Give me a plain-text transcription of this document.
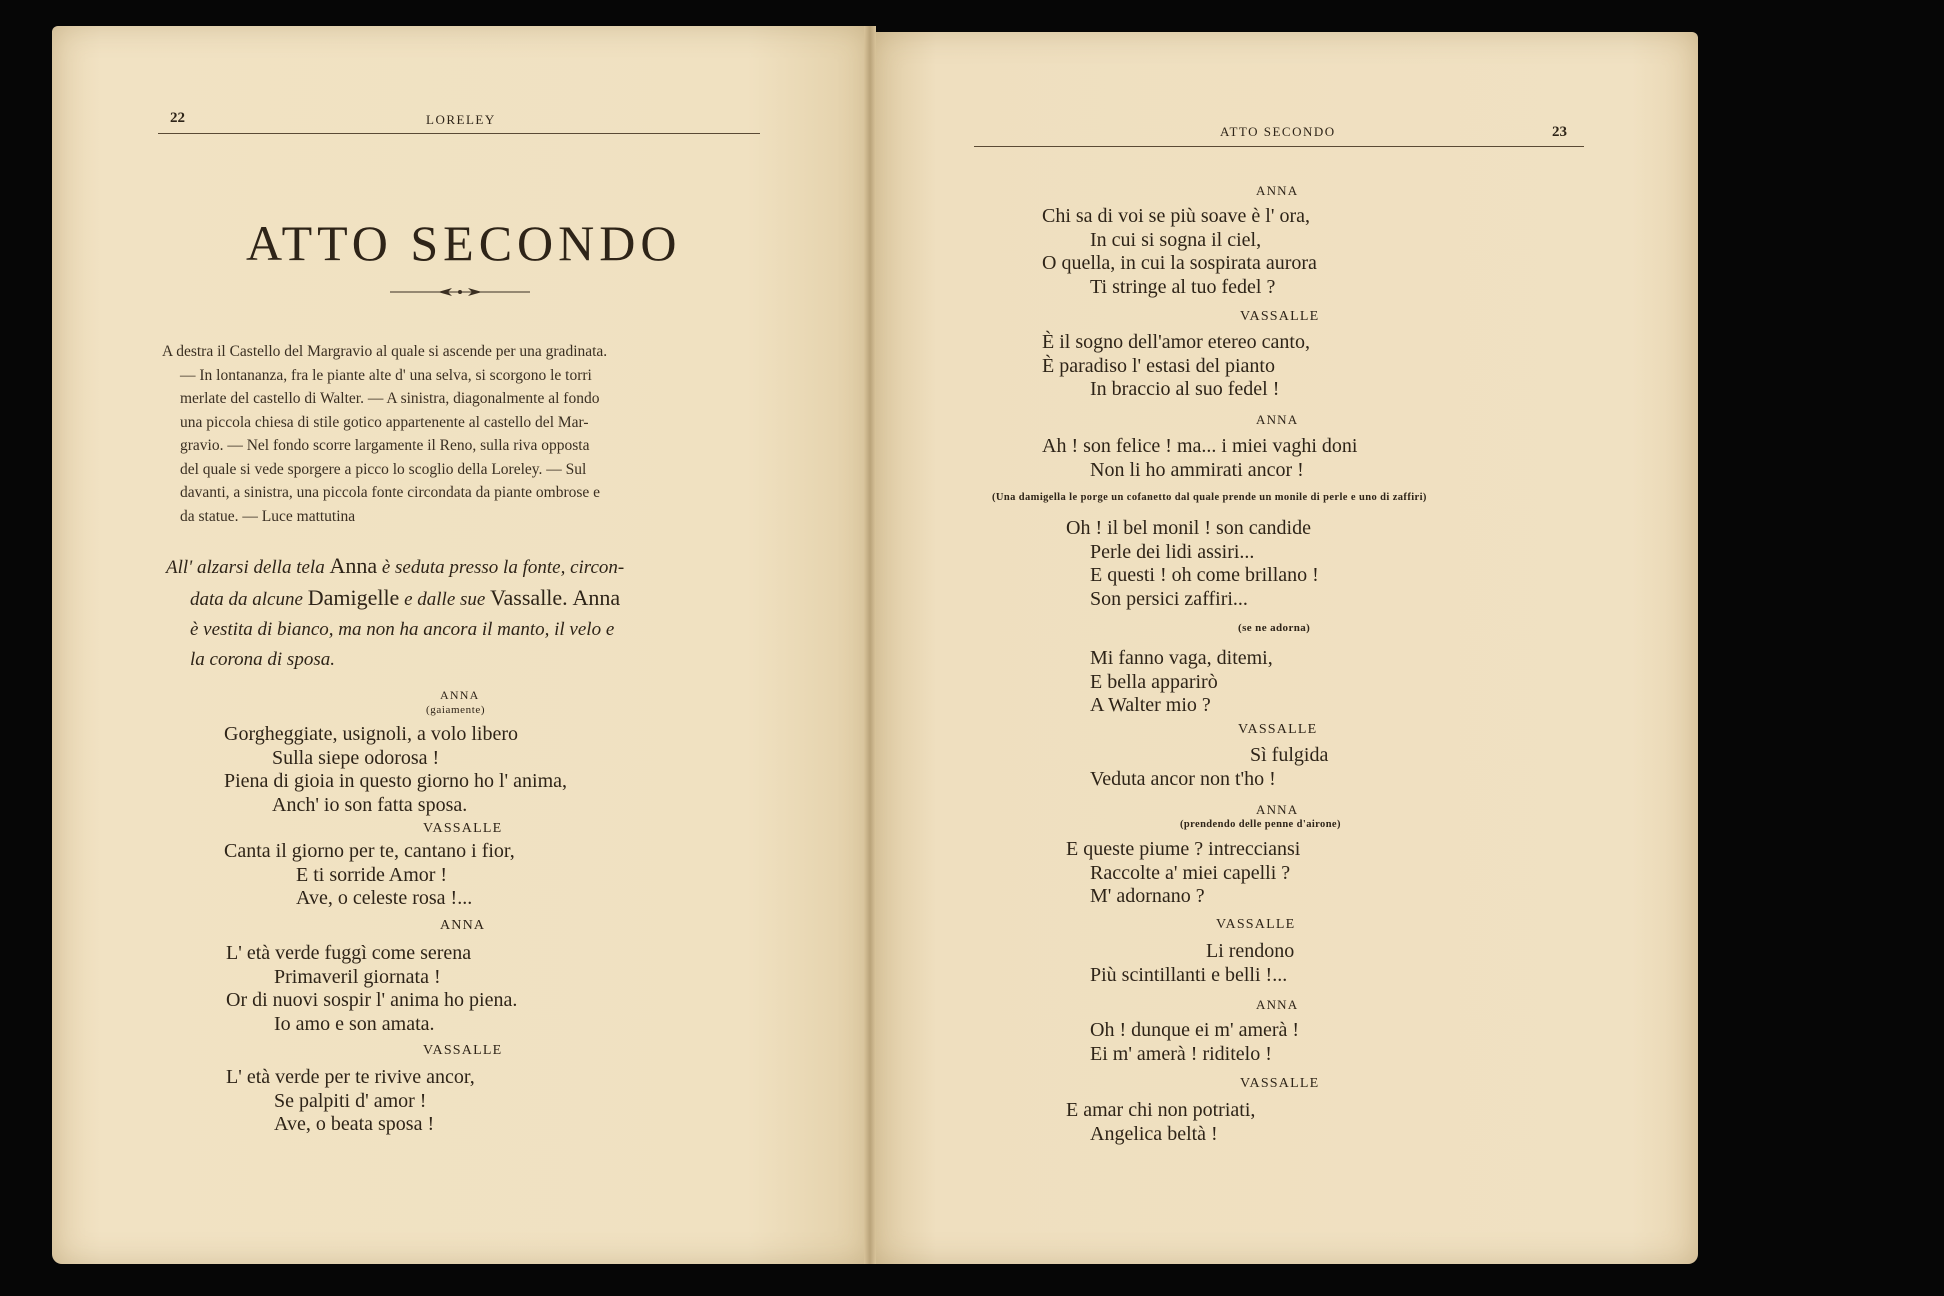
22	LORELEY
ATTO SECONDO
A destra il Castello del Margravio al quale si ascende per una gradinata.
— In lontananza, fra le piante alte d' una selva, si scorgono le torri
merlate del castello di Walter. — A sinistra, diagonalmente al fondo
una piccola chiesa di stile gotico appartenente al castello del Mar-
gravio. — Nel fondo scorre largamente il Reno, sulla riva opposta
del quale si vede sporgere a picco lo scoglio della Loreley. — Sul
davanti, a sinistra, una piccola fonte circondata da piante ombrose e
da statue. — Luce mattutina
All' alzarsi della tela Anna è seduta presso la fonte, circon-
data da alcune Damigelle e dalle sue Vassalle. Anna
è vestita di bianco, ma non ha ancora il manto, il velo e
la corona di sposa.
ANNA
(gaiamente)
Gorgheggiate, usignoli, a volo libero
Sulla siepe odorosa !
Piena di gioia in questo giorno ho l' anima,
Anch' io son fatta sposa.
VASSALLE
Canta il giorno per te, cantano i fior,
E ti sorride Amor !
Ave, o celeste rosa !...
ANNA
L' età verde fuggì come serena
Primaveril giornata !
Or di nuovi sospir l' anima ho piena.
Io amo e son amata.
VASSALLE
L' età verde per te rivive ancor,
Se palpiti d' amor !
Ave, o beata sposa !
ATTO SECONDO	23
ANNA
Chi sa di voi se più soave è l' ora,
In cui si sogna il ciel,
O quella, in cui la sospirata aurora
Ti stringe al tuo fedel ?
VASSALLE
È il sogno dell'amor etereo canto,
È paradiso l' estasi del pianto
In braccio al suo fedel !
ANNA
Ah ! son felice ! ma... i miei vaghi doni
Non li ho ammirati ancor !
(Una damigella le porge un cofanetto dal quale prende un monile di perle e uno di zaffiri)
Oh ! il bel monil ! son candide
Perle dei lidi assiri...
E questi ! oh come brillano !
Son persici zaffiri...
(se ne adorna)
Mi fanno vaga, ditemi,
E bella apparirò
A Walter mio ?
VASSALLE
Sì fulgida
Veduta ancor non t'ho !
ANNA
(prendendo delle penne d'airone)
E queste piume ? intrecciansi
Raccolte a' miei capelli ?
M' adornano ?
VASSALLE
Li rendono
Più scintillanti e belli !...
ANNA
Oh ! dunque ei m' amerà !
Ei m' amerà ! riditelo !
VASSALLE
E amar chi non potriati,
Angelica beltà !
